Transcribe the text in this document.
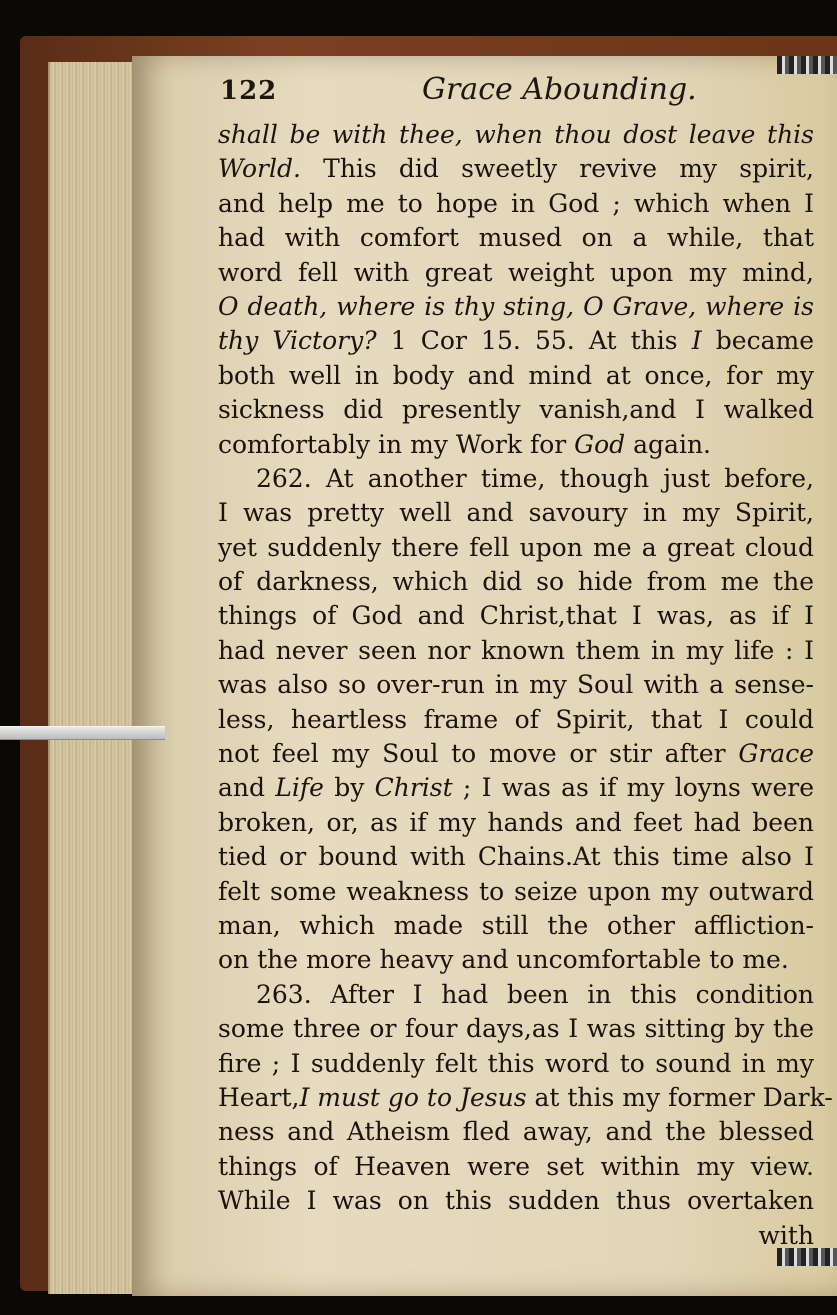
122	Grace Abounding.
shall be with thee, when thou dost leave this
World. This did sweetly revive my spirit,
and help me to hope in God ; which when I
had with comfort mused on a while, that
word fell with great weight upon my mind,
O death, where is thy sting, O Grave, where is
thy Victory? 1 Cor 15. 55. At this I became
both well in body and mind at once, for my
sickness did presently vanish,and I walked
comfortably in my Work for God again.
262. At another time, though just before,
I was pretty well and savoury in my Spirit,
yet suddenly there fell upon me a great cloud
of darkness, which did so hide from me the
things of God and Christ,that I was, as if I
had never seen nor known them in my life : I
was also so over-run in my Soul with a sense-
less, heartless frame of Spirit, that I could
not feel my Soul to move or stir after Grace
and Life by Christ ; I was as if my loyns were
broken, or, as if my hands and feet had been
tied or bound with Chains.At this time also I
felt some weakness to seize upon my outward
man, which made still the other affliction-
on the more heavy and uncomfortable to me.
263. After I had been in this condition
some three or four days,as I was sitting by the
fire ; I suddenly felt this word to sound in my
Heart,I must go to Jesus at this my former Dark-
ness and Atheism fled away, and the blessed
things of Heaven were set within my view.
While I was on this sudden thus overtaken
with
